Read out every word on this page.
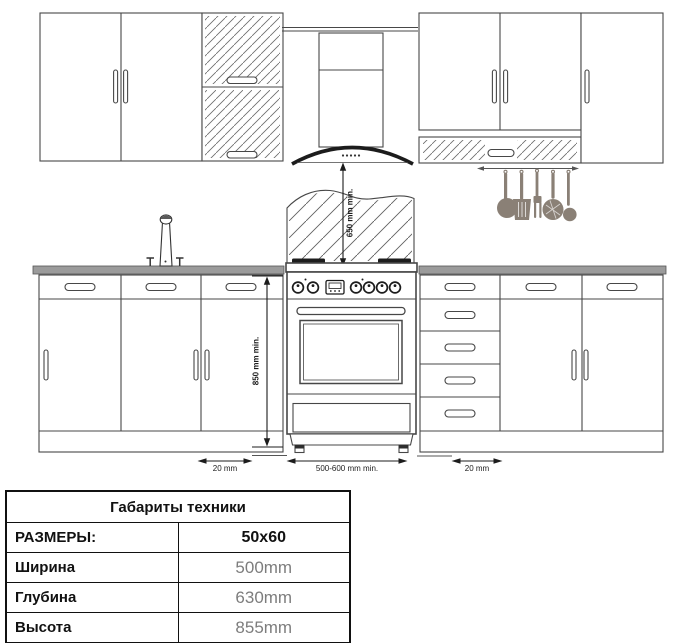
650 mm min.
850 mm min.
20 mm	500-600 mm min.	20 mm
Габариты техники	
РАЗМЕРЫ:	50x60
Ширина	500mm
Глубина	630mm
Высота	855mm
